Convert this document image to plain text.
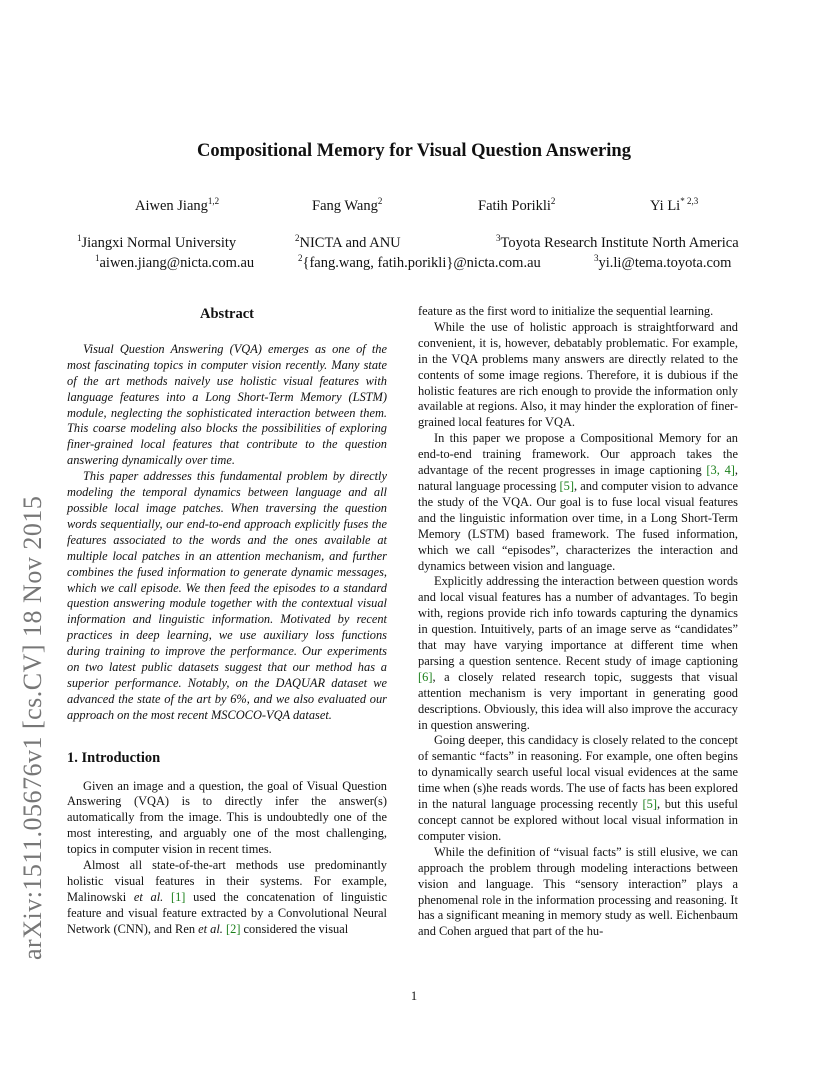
Compositional Memory for Visual Question Answering
Aiwen Jiang$^{1,2}$	Fang Wang$^2$	Fatih Porikli$^2$	Yi Li$^{* 2,3}$
$^1$Jiangxi Normal University
$^1$aiwen.jiang@nicta.com.au
$^2$NICTA and ANU
$^2${fang.wang, fatih.porikli}@nicta.com.au
$^3$Toyota Research Institute North America
$^3$yi.li@tema.toyota.com
arXiv:1511.05676v1 [cs.CV] 18 Nov 2015
Abstract

Visual Question Answering (VQA) emerges as one of the most fascinating topics in computer vision recently. Many state of the art methods naively use holistic visual features with language features into a Long Short-Term Memory (LSTM) module, neglecting the sophisticated interaction between them. This coarse modeling also blocks the possibilities of exploring finer-grained local features that contribute to the question answering dynamically over time.

This paper addresses this fundamental problem by directly modeling the temporal dynamics between language and all possible local image patches. When traversing the question words sequentially, our end-to-end approach explicitly fuses the features associated to the words and the ones available at multiple local patches in an attention mechanism, and further combines the fused information to generate dynamic messages, which we call episode. We then feed the episodes to a standard question answering module together with the contextual visual information and linguistic information. Motivated by recent practices in deep learning, we use auxiliary loss functions during training to improve the performance. Our experiments on two latest public datasets suggest that our method has a superior performance. Notably, on the DAQUAR dataset we advanced the state of the art by 6%, and we also evaluated our approach on the most recent MSCOCO-VQA dataset.

1. Introduction

Given an image and a question, the goal of Visual Question Answering (VQA) is to directly infer the answer(s) automatically from the image. This is undoubtedly one of the most interesting, and arguably one of the most challenging, topics in computer vision in recent times.

Almost all state-of-the-art methods use predominantly holistic visual features in their systems. For example, Malinowski et al. [1] used the concatenation of linguistic feature and visual feature extracted by a Convolutional Neural Network (CNN), and Ren et al. [2] considered the visual

feature as the first word to initialize the sequential learning.

While the use of holistic approach is straightforward and convenient, it is, however, debatably problematic. For example, in the VQA problems many answers are directly related to the contents of some image regions. Therefore, it is dubious if the holistic features are rich enough to provide the information only available at regions. Also, it may hinder the exploration of finer-grained local features for VQA.

In this paper we propose a Compositional Memory for an end-to-end training framework. Our approach takes the advantage of the recent progresses in image captioning [3, 4], natural language processing [5], and computer vision to advance the study of the VQA. Our goal is to fuse local visual features and the linguistic information over time, in a Long Short-Term Memory (LSTM) based framework. The fused information, which we call “episodes”, characterizes the interaction and dynamics between vision and language.

Explicitly addressing the interaction between question words and local visual features has a number of advantages. To begin with, regions provide rich info towards capturing the dynamics in question. Intuitively, parts of an image serve as “candidates” that may have varying importance at different time when parsing a question sentence. Recent study of image captioning [6], a closely related research topic, suggests that visual attention mechanism is very important in generating good descriptions. Obviously, this idea will also improve the accuracy in question answering.

Going deeper, this candidacy is closely related to the concept of semantic “facts” in reasoning. For example, one often begins to dynamically search useful local visual evidences at the same time when (s)he reads words. The use of facts has been explored in the natural language processing recently [5], but this useful concept cannot be explored without local visual information in computer vision.

While the definition of “visual facts” is still elusive, we can approach the problem through modeling interactions between vision and language. This “sensory interaction” plays a phenomenal role in the information processing and reasoning. It has a significant meaning in memory study as well. Eichenbaum and Cohen argued that part of the hu-

1
